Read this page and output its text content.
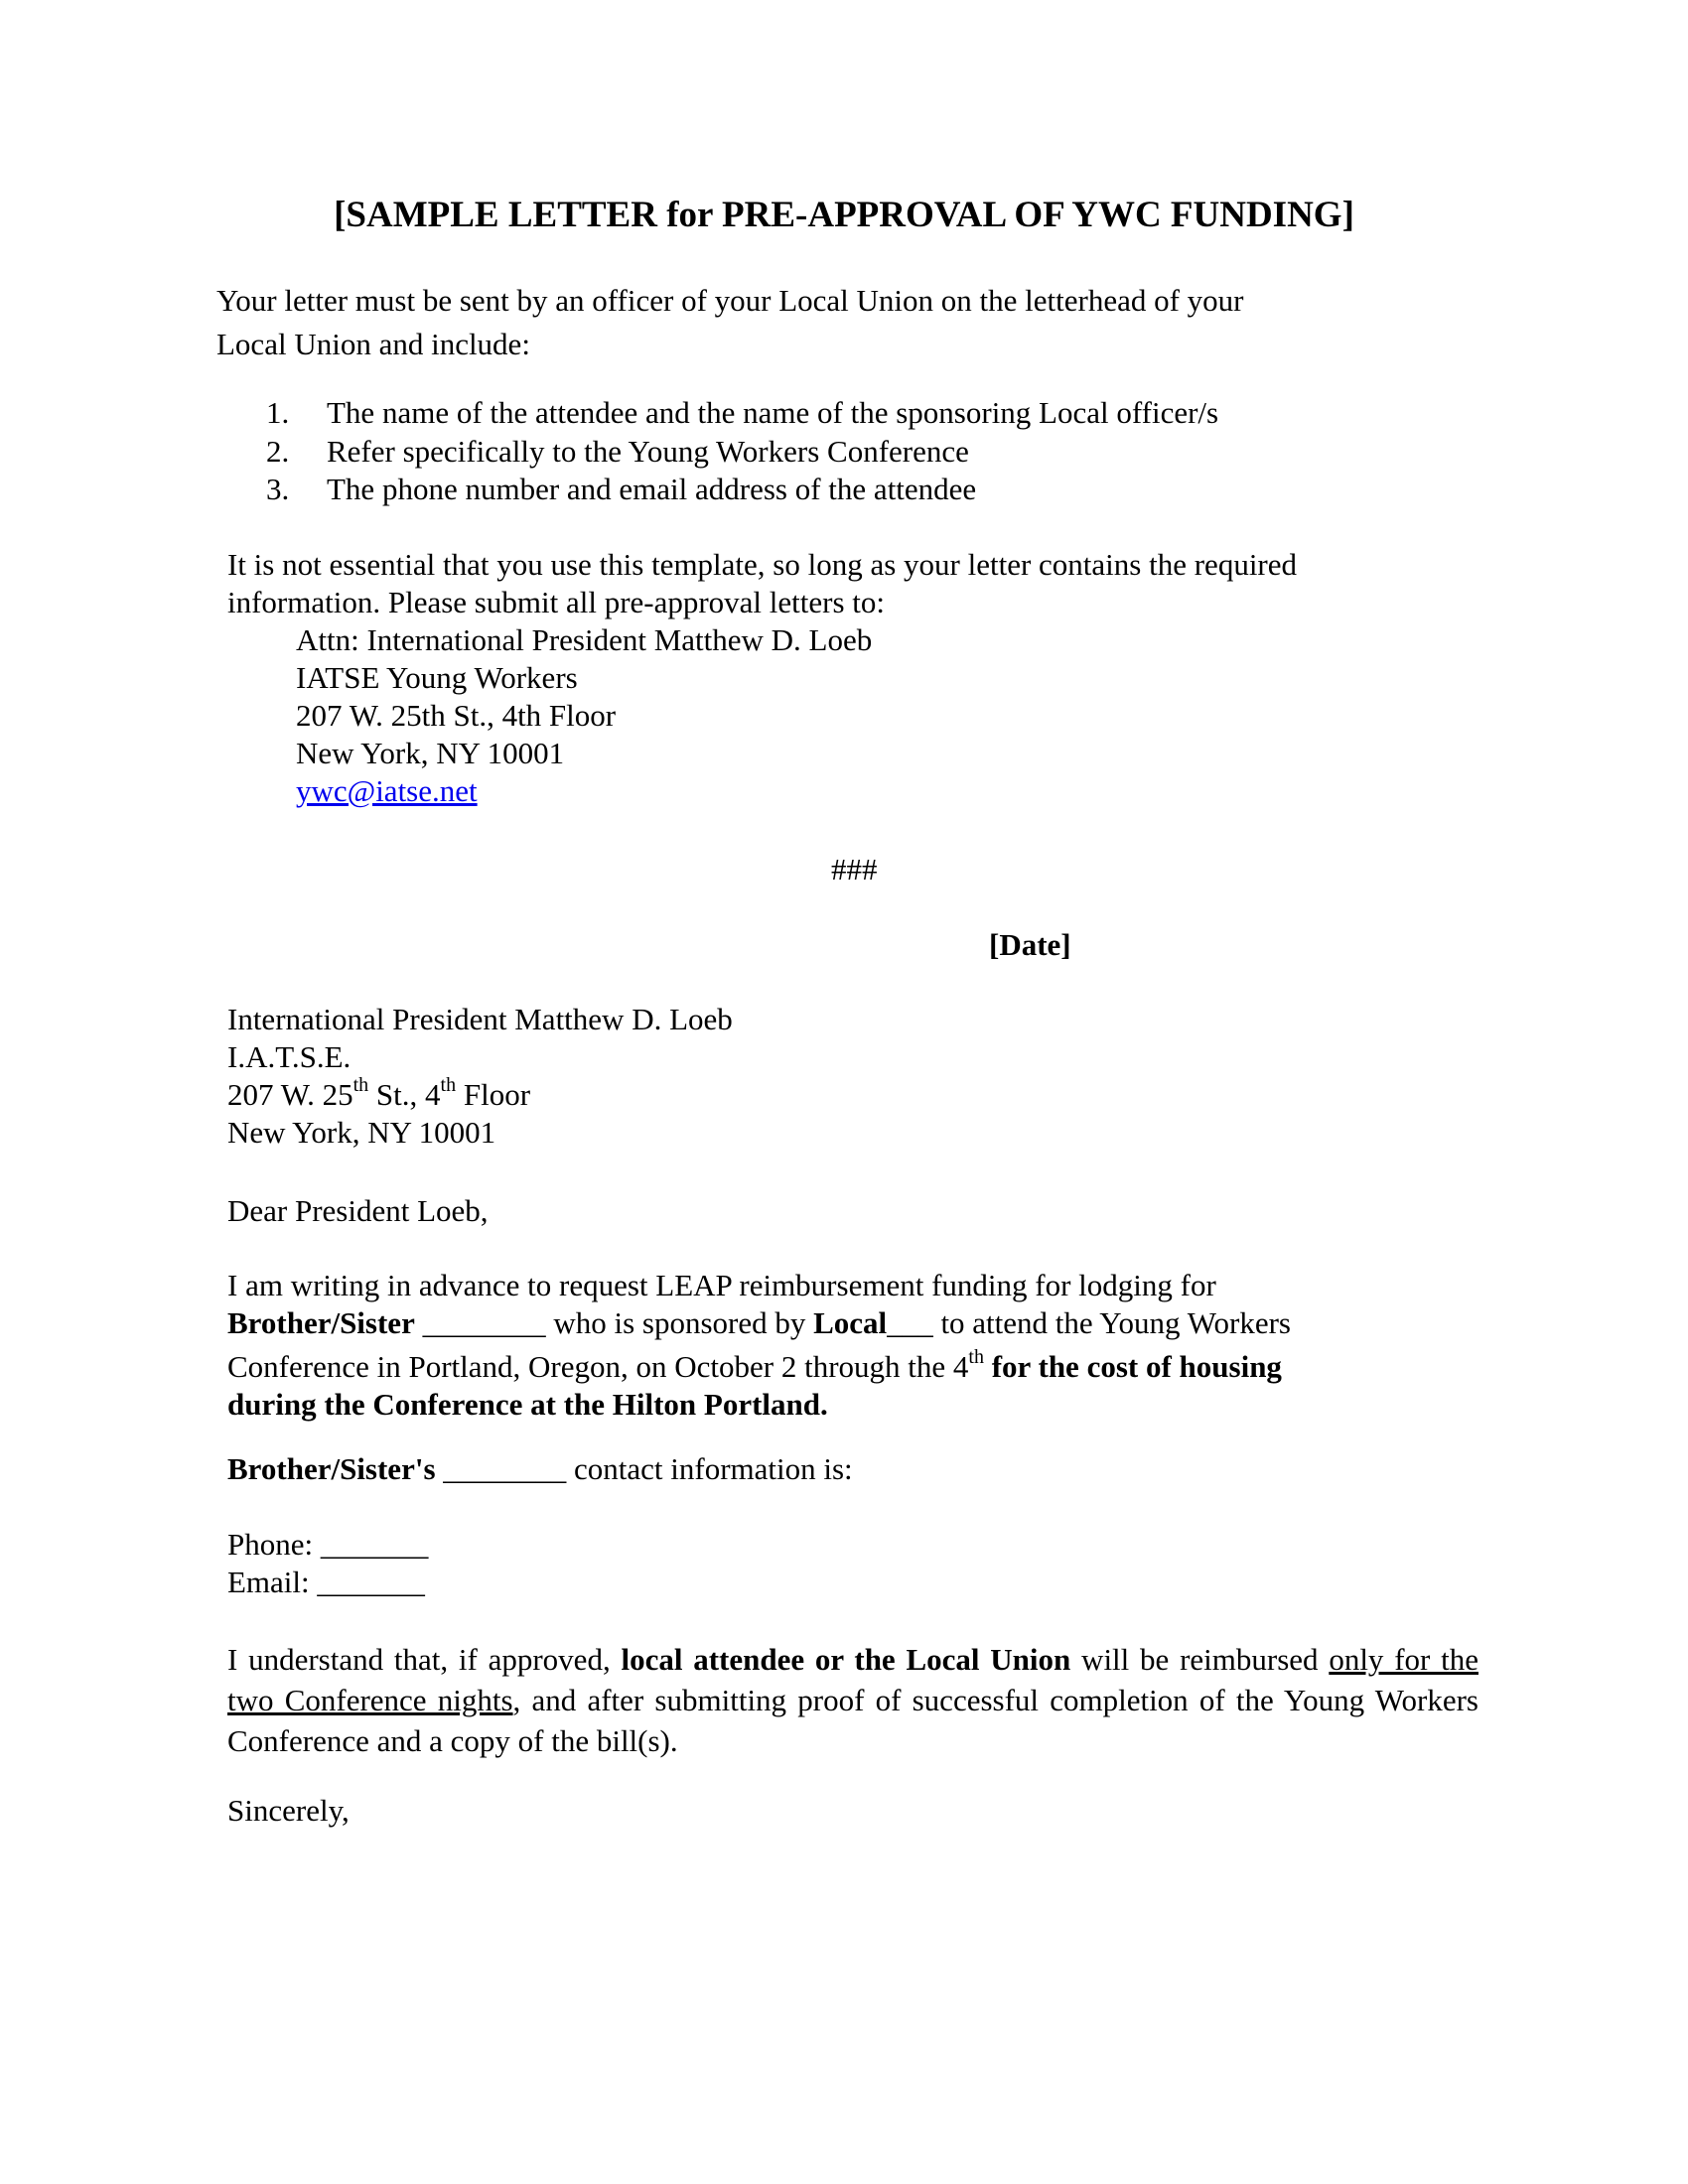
[SAMPLE LETTER for PRE-APPROVAL OF YWC FUNDING]
Your letter must be sent by an officer of your Local Union on the letterhead of your
Local Union and include:
1. The name of the attendee and the name of the sponsoring Local officer/s
2. Refer specifically to the Young Workers Conference
3. The phone number and email address of the attendee
It is not essential that you use this template, so long as your letter contains the required
information. Please submit all pre-approval letters to:
Attn: International President Matthew D. Loeb
IATSE Young Workers
207 W. 25th St., 4th Floor
New York, NY 10001
ywc@iatse.net
###
[Date]
International President Matthew D. Loeb
I.A.T.S.E.
207 W. 25th St., 4th Floor
New York, NY 10001
Dear President Loeb,
I am writing in advance to request LEAP reimbursement funding for lodging for
Brother/Sister ________ who is sponsored by Local___ to attend the Young Workers
Conference in Portland, Oregon, on October 2 through the 4th for the cost of housing
during the Conference at the Hilton Portland.
Brother/Sister's ________ contact information is:
Phone: _______
Email: _______
I understand that, if approved, local attendee or the Local Union will be reimbursed only for the two Conference nights, and after submitting proof of successful completion of the Young Workers Conference and a copy of the bill(s).
Sincerely,
